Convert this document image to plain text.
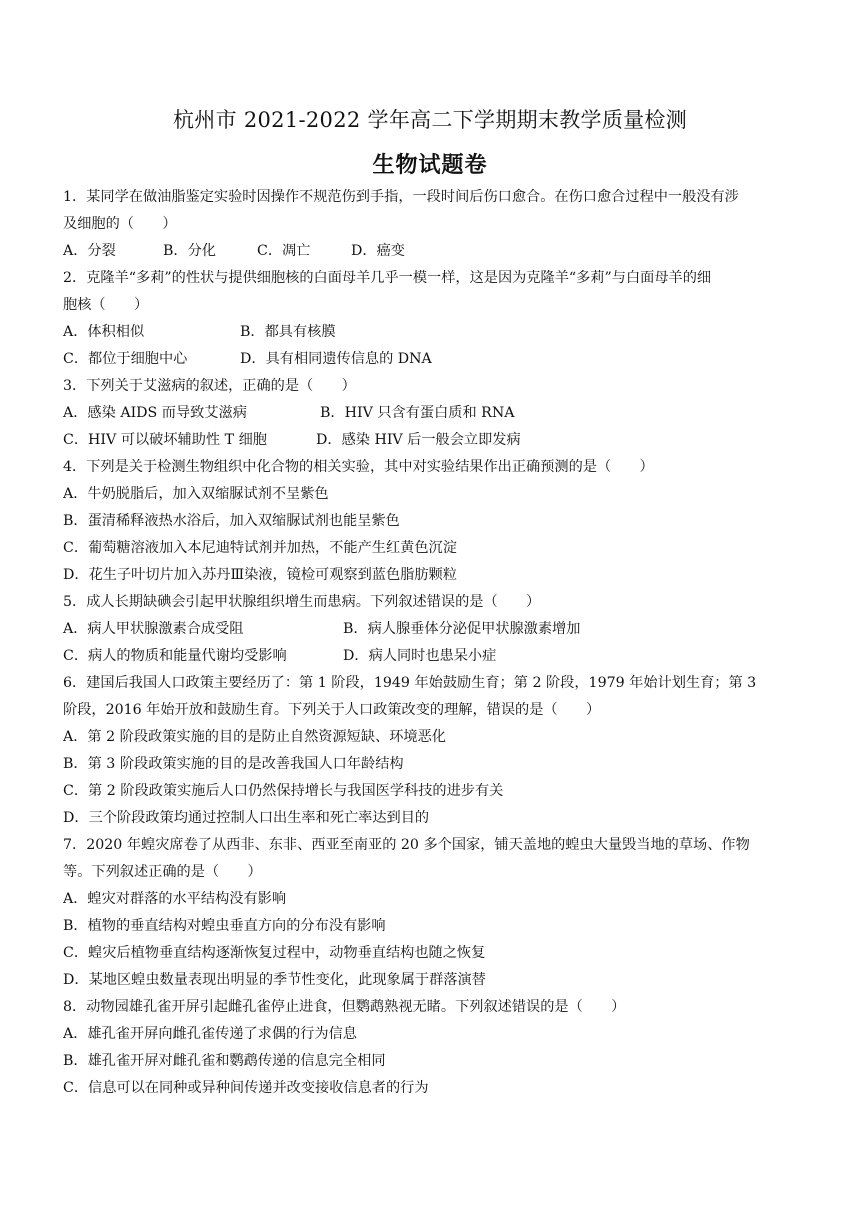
杭州市 2021-2022 学年高二下学期期末教学质量检测
生物试题卷
1．某同学在做油脂鉴定实验时因操作不规范伤到手指，一段时间后伤口愈合。在伤口愈合过程中一般没有涉
及细胞的（　　）
A．分裂	B．分化	C．凋亡	D．癌变
2．克隆羊“多莉”的性状与提供细胞核的白面母羊几乎一模一样，这是因为克隆羊“多莉”与白面母羊的细
胞核（　　）
A．体积相似	B．都具有核膜
C．都位于细胞中心	D．具有相同遗传信息的 DNA
3．下列关于艾滋病的叙述，正确的是（　　）
A．感染 AIDS 而导致艾滋病	B．HIV 只含有蛋白质和 RNA
C．HIV 可以破坏辅助性 T 细胞	D．感染 HIV 后一般会立即发病
4．下列是关于检测生物组织中化合物的相关实验，其中对实验结果作出正确预测的是（　　）
A．牛奶脱脂后，加入双缩脲试剂不呈紫色
B．蛋清稀释液热水浴后，加入双缩脲试剂也能呈紫色
C．葡萄糖溶液加入本尼迪特试剂并加热，不能产生红黄色沉淀
D．花生子叶切片加入苏丹Ⅲ染液，镜检可观察到蓝色脂肪颗粒
5．成人长期缺碘会引起甲状腺组织增生而患病。下列叙述错误的是（　　）
A．病人甲状腺激素合成受阻	B．病人腺垂体分泌促甲状腺激素增加
C．病人的物质和能量代谢均受影响	D．病人同时也患呆小症
6．建国后我国人口政策主要经历了：第 1 阶段，1949 年始鼓励生育；第 2 阶段，1979 年始计划生育；第 3
阶段，2016 年始开放和鼓励生育。下列关于人口政策改变的理解，错误的是（　　）
A．第 2 阶段政策实施的目的是防止自然资源短缺、环境恶化
B．第 3 阶段政策实施的目的是改善我国人口年龄结构
C．第 2 阶段政策实施后人口仍然保持增长与我国医学科技的进步有关
D．三个阶段政策均通过控制人口出生率和死亡率达到目的
7．2020 年蝗灾席卷了从西非、东非、西亚至南亚的 20 多个国家，铺天盖地的蝗虫大量毁当地的草场、作物
等。下列叙述正确的是（　　）
A．蝗灾对群落的水平结构没有影响
B．植物的垂直结构对蝗虫垂直方向的分布没有影响
C．蝗灾后植物垂直结构逐渐恢复过程中，动物垂直结构也随之恢复
D．某地区蝗虫数量表现出明显的季节性变化，此现象属于群落演替
8．动物园雄孔雀开屏引起雌孔雀停止进食，但鹦鹉熟视无睹。下列叙述错误的是（　　）
A．雄孔雀开屏向雌孔雀传递了求偶的行为信息
B．雄孔雀开屏对雌孔雀和鹦鹉传递的信息完全相同
C．信息可以在同种或异种间传递并改变接收信息者的行为
